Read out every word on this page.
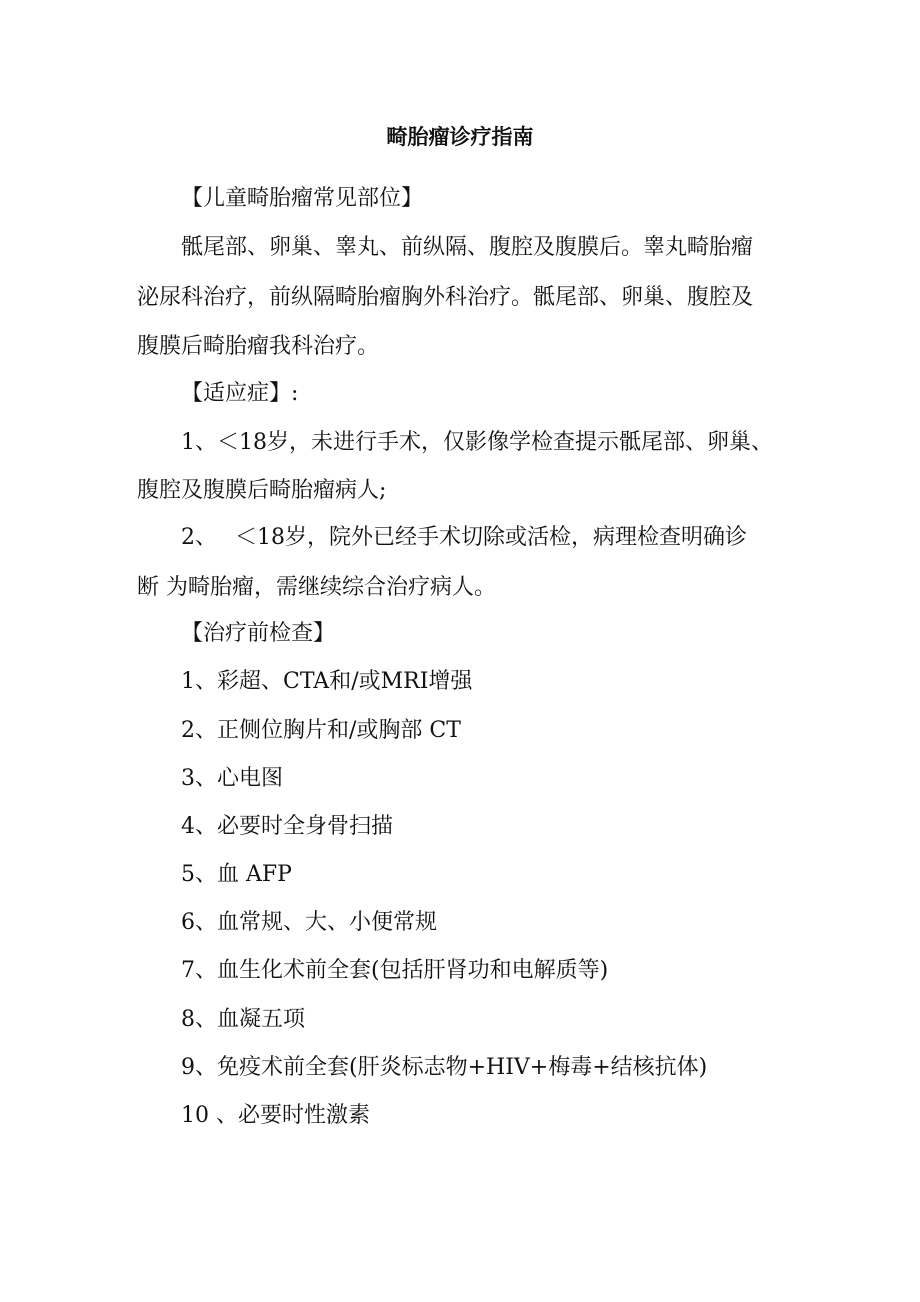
畸胎瘤诊疗指南
【儿童畸胎瘤常见部位】
骶尾部、卵巢、睾丸、前纵隔、腹腔及腹膜后。睾丸畸胎瘤
泌尿科治疗，前纵隔畸胎瘤胸外科治疗。骶尾部、卵巢、腹腔及
腹膜后畸胎瘤我科治疗。
【适应症】:
1、＜18岁，未进行手术，仅影像学检查提示骶尾部、卵巢、
腹腔及腹膜后畸胎瘤病人;
2、　 ＜18岁，院外已经手术切除或活检，病理检查明确诊
断 为畸胎瘤，需继续综合治疗病人。
【治疗前检查】
1、彩超、CTA和/或MRI增强
2、正侧位胸片和/或胸部 CT
3、心电图
4、必要时全身骨扫描
5、血 AFP
6、血常规、大、小便常规
7、血生化术前全套(包括肝肾功和电解质等)
8、血凝五项
9、免疫术前全套(肝炎标志物+HIV+梅毒+结核抗体)
10 、必要时性激素
